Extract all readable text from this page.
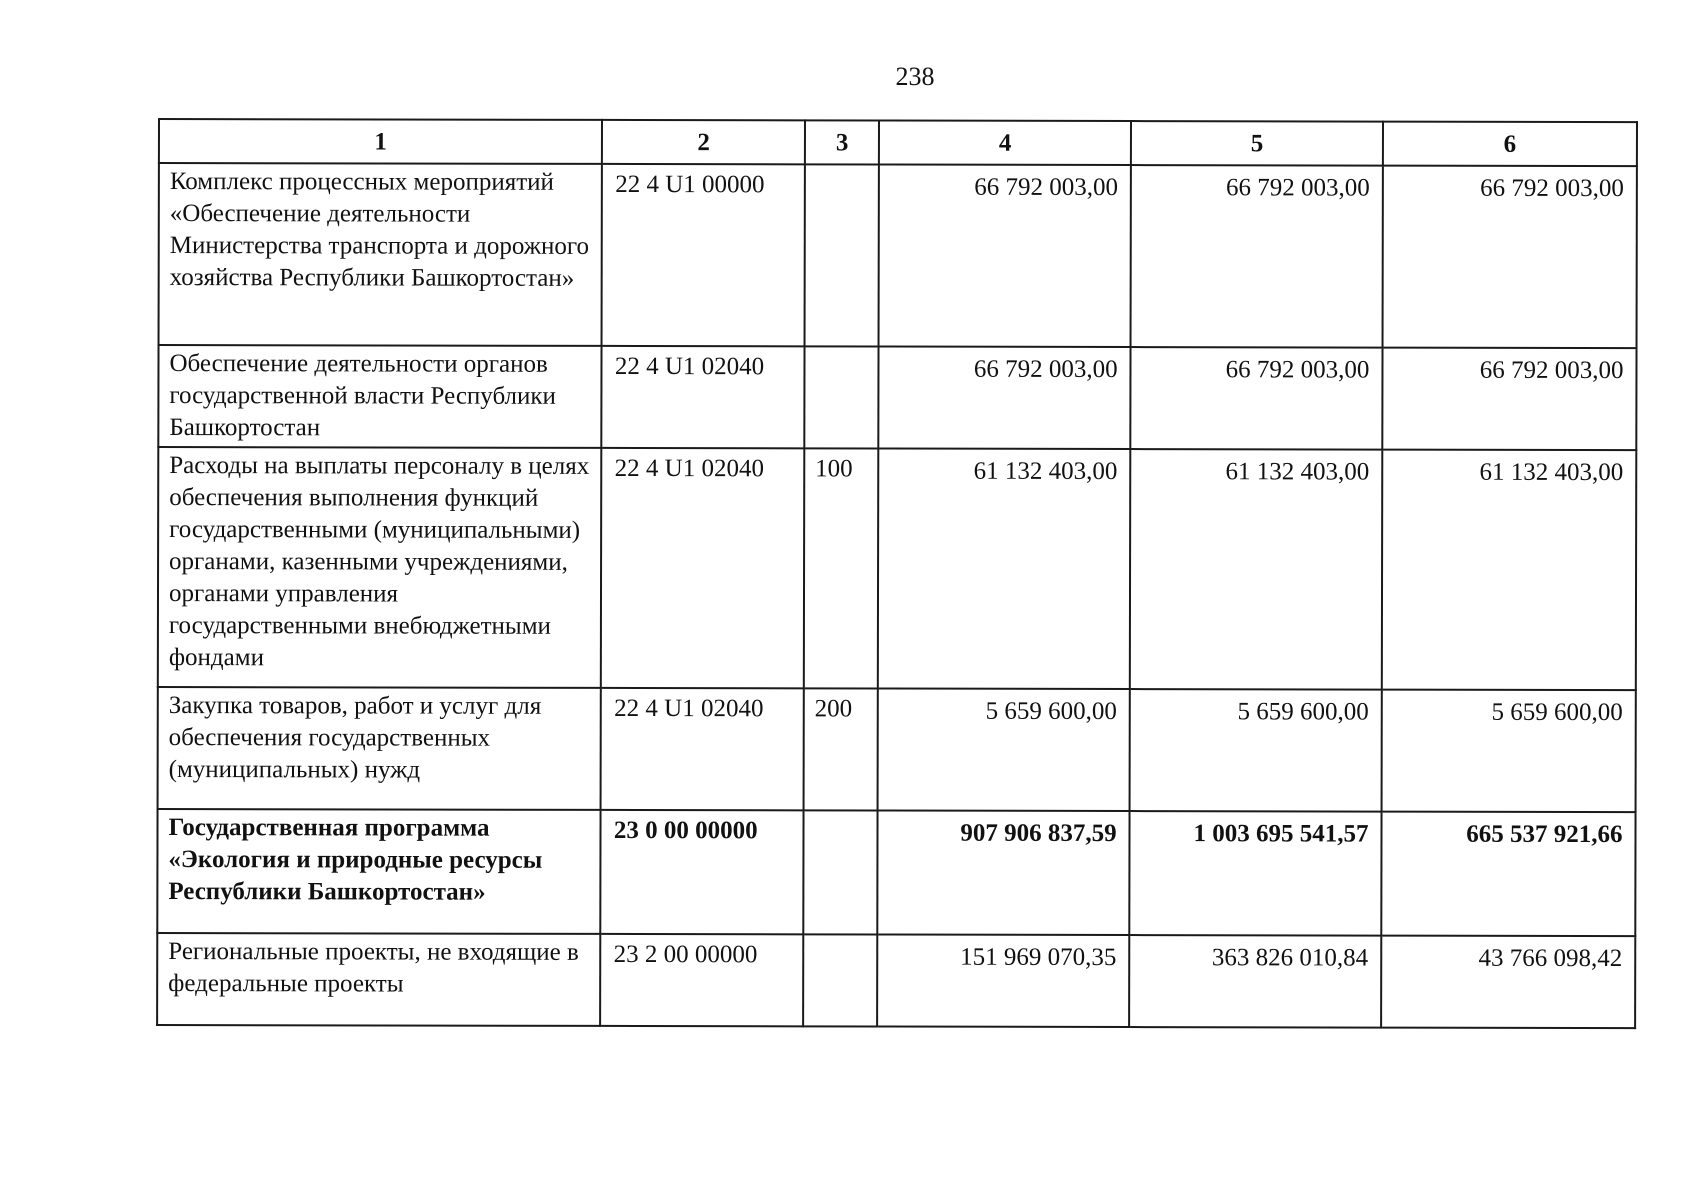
238
1	2	3	4	5	6
Комплекс процессных мероприятий «Обеспечение деятельности Министерства транспорта и дорожного хозяйства Республики Башкортостан»	22 4 U1 00000		66 792 003,00	66 792 003,00	66 792 003,00
Обеспечение деятельности органов государственной власти Республики Башкортостан	22 4 U1 02040		66 792 003,00	66 792 003,00	66 792 003,00
Расходы на выплаты персоналу в целях обеспечения выполнения функций государственными (муниципальными) органами, казенными учреждениями, органами управления государственными внебюджетными фондами	22 4 U1 02040	100	61 132 403,00	61 132 403,00	61 132 403,00
Закупка товаров, работ и услуг для обеспечения государственных (муниципальных) нужд	22 4 U1 02040	200	5 659 600,00	5 659 600,00	5 659 600,00
Государственная программа «Экология и природные ресурсы Республики Башкортостан»	23 0 00 00000		907 906 837,59	1 003 695 541,57	665 537 921,66
Региональные проекты, не входящие в федеральные проекты	23 2 00 00000		151 969 070,35	363 826 010,84	43 766 098,42
